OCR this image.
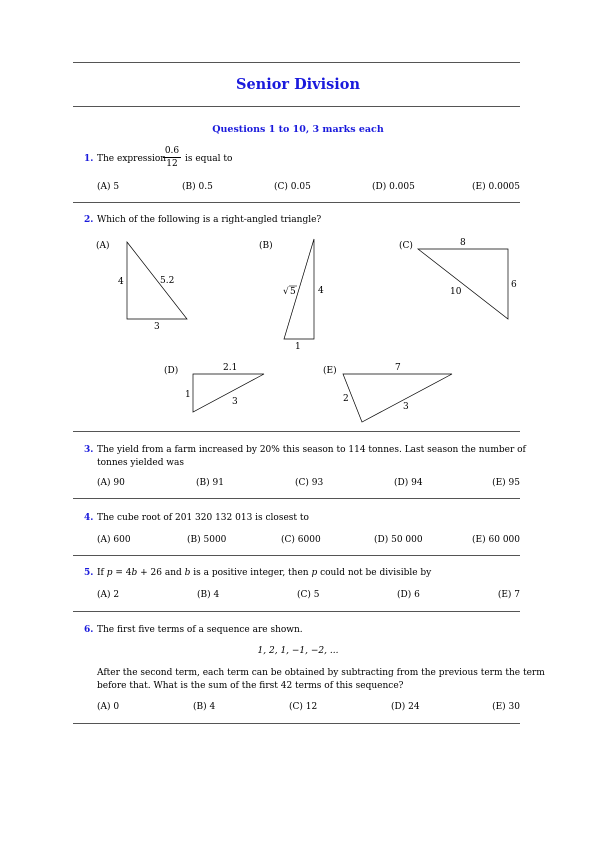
Senior Division
Questions 1 to 10, 3 marks each
1. The expression
0.6
12 is equal to
(A) 5	(B) 0.5	(C) 0.05	(D) 0.005	(E) 0.0005
2. Which of the following is a right-angled triangle?
(A)
4	5.2
3
(B)
√ 5 4
1
(C)	8
10
6
(D)	2.1
1
3
(E)	7
2
3
3. The yield from a farm increased by 20% this season to 114 tonnes. Last season the number of
tonnes yielded was
(A) 90	(B) 91	(C) 93	(D) 94	(E) 95
4. The cube root of 201 320 132 013 is closest to
(A) 600	(B) 5000	(C) 6000	(D) 50 000	(E) 60 000
5. If p = 4b + 26 and b is a positive integer, then p could not be divisible by
(A) 2	(B) 4	(C) 5	(D) 6	(E) 7
6. The first five terms of a sequence are shown.
1, 2, 1, −1, −2, ...
After the second term, each term can be obtained by subtracting from the previous term the term
before that. What is the sum of the first 42 terms of this sequence?
(A) 0	(B) 4	(C) 12	(D) 24	(E) 30
